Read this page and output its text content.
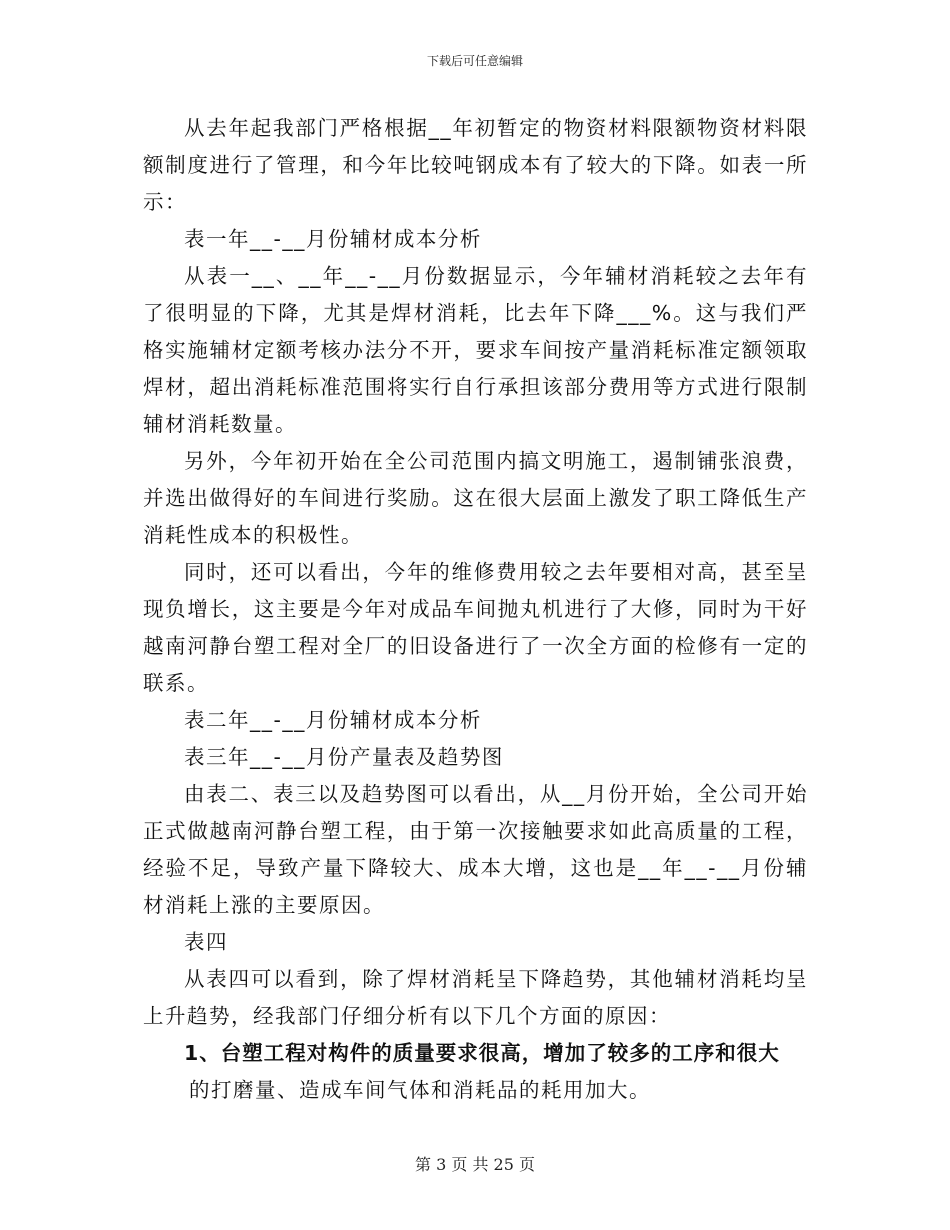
下载后可任意编辑

从去年起我部门严格根据__年初暂定的物资材料限额物资材料限额制度进行了管理，和今年比较吨钢成本有了较大的下降。如表一所示：

表一年__-__月份辅材成本分析

从表一__、__年__-__月份数据显示，今年辅材消耗较之去年有了很明显的下降，尤其是焊材消耗，比去年下降___%。这与我们严格实施辅材定额考核办法分不开，要求车间按产量消耗标准定额领取焊材，超出消耗标准范围将实行自行承担该部分费用等方式进行限制辅材消耗数量。

另外，今年初开始在全公司范围内搞文明施工，遏制铺张浪费，并选出做得好的车间进行奖励。这在很大层面上激发了职工降低生产消耗性成本的积极性。

同时，还可以看出，今年的维修费用较之去年要相对高，甚至呈现负增长，这主要是今年对成品车间抛丸机进行了大修，同时为干好越南河静台塑工程对全厂的旧设备进行了一次全方面的检修有一定的联系。

表二年__-__月份辅材成本分析

表三年__-__月份产量表及趋势图

由表二、表三以及趋势图可以看出，从__月份开始，全公司开始正式做越南河静台塑工程，由于第一次接触要求如此高质量的工程，经验不足，导致产量下降较大、成本大增，这也是__年__-__月份辅材消耗上涨的主要原因。

表四

从表四可以看到，除了焊材消耗呈下降趋势，其他辅材消耗均呈上升趋势，经我部门仔细分析有以下几个方面的原因：

1、台塑工程对构件的质量要求很高，增加了较多的工序和很大

的打磨量、造成车间气体和消耗品的耗用加大。

第 3 页 共 25 页
